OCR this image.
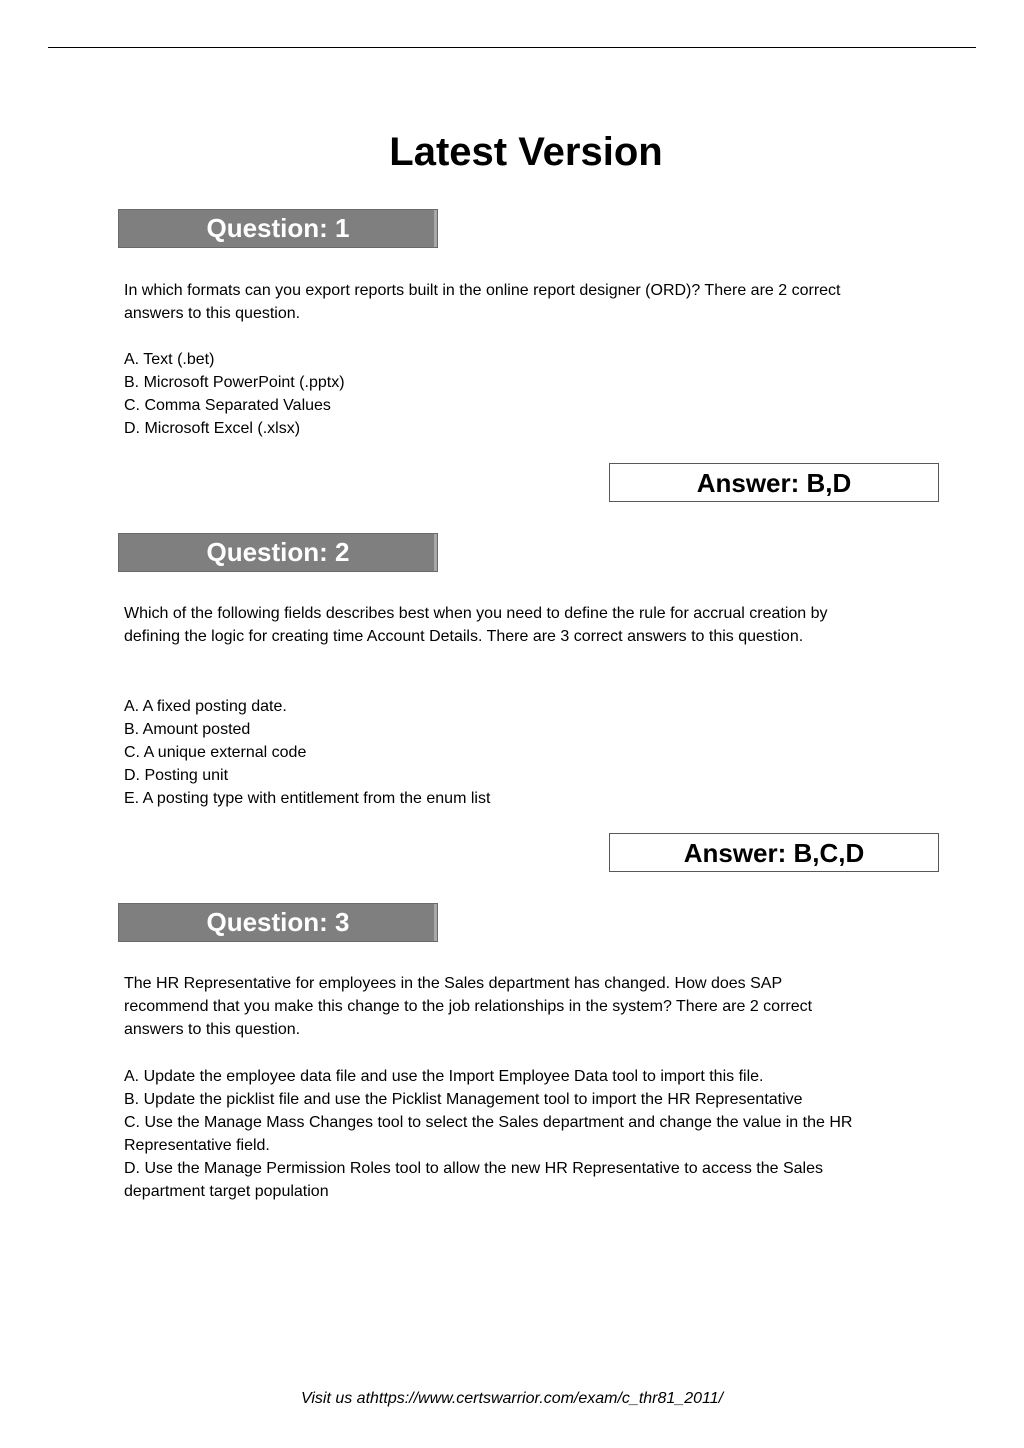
Latest Version
Question: 1

In which formats can you export reports built in the online report designer (ORD)? There are 2 correct answers to this question.

A. Text (.bet)
B. Microsoft PowerPoint (.pptx)
C. Comma Separated Values
D. Microsoft Excel (.xlsx)
Answer: B,D
Question: 2

Which of the following fields describes best when you need to define the rule for accrual creation by defining the logic for creating time Account Details. There are 3 correct answers to this question.

A. A fixed posting date.
B. Amount posted
C. A unique external code
D. Posting unit
E. A posting type with entitlement from the enum list
Answer: B,C,D
Question: 3

The HR Representative for employees in the Sales department has changed. How does SAP recommend that you make this change to the job relationships in the system? There are 2 correct answers to this question.

A. Update the employee data file and use the Import Employee Data tool to import this file.
B. Update the picklist file and use the Picklist Management tool to import the HR Representative
C. Use the Manage Mass Changes tool to select the Sales department and change the value in the HR Representative field.
D. Use the Manage Permission Roles tool to allow the new HR Representative to access the Sales department target population
Visit us athttps://www.certswarrior.com/exam/c_thr81_2011/
